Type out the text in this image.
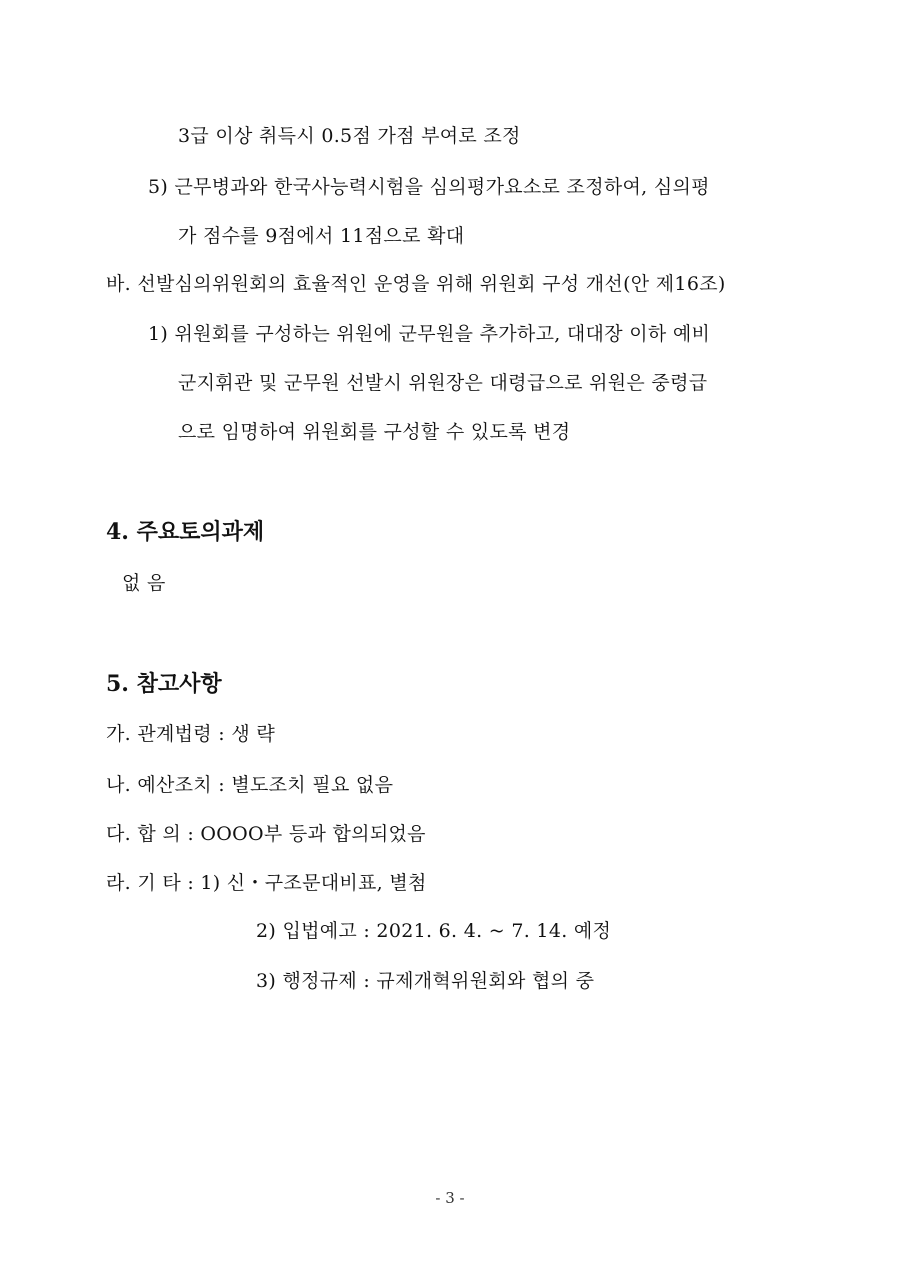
3급 이상 취득시 0.5점 가점 부여로 조정
5) 근무병과와 한국사능력시험을 심의평가요소로 조정하여, 심의평
가 점수를 9점에서 11점으로 확대
바. 선발심의위원회의 효율적인 운영을 위해 위원회 구성 개선(안 제16조)
1) 위원회를 구성하는 위원에 군무원을 추가하고, 대대장 이하 예비
군지휘관 및 군무원 선발시 위원장은 대령급으로 위원은 중령급
으로 임명하여 위원회를 구성할 수 있도록 변경
4. 주요토의과제
없 음
5. 참고사항
가. 관계법령 : 생 략
나. 예산조치 : 별도조치 필요 없음
다. 합 의 : OOOO부 등과 합의되었음
라. 기 타 : 1) 신・구조문대비표, 별첨
2) 입법예고 : 2021. 6. 4. ~ 7. 14. 예정
3) 행정규제 : 규제개혁위원회와 협의 중
- 3 -
